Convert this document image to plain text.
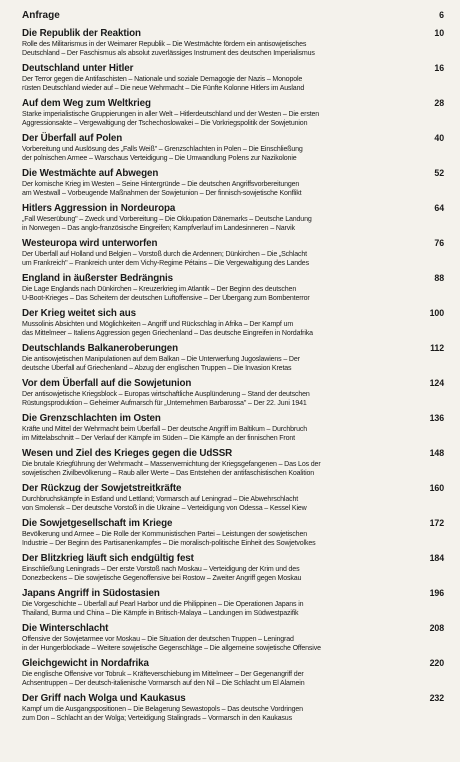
Anfrage	6
Die Republik der Reaktion	10
Rolle des Militarismus in der Weimarer Republik – Die Westmächte fördern ein antisowjetisches
Deutschland – Der Faschismus als absolut zuverlässiges Instrument des deutschen Imperialismus
Deutschland unter Hitler	16
Der Terror gegen die Antifaschisten – Nationale und soziale Demagogie der Nazis – Monopole
rüsten Deutschland wieder auf – Die neue Wehrmacht – Die Fünfte Kolonne Hitlers im Ausland
Auf dem Weg zum Weltkrieg	28
Starke imperialistische Gruppierungen in aller Welt – Hitlerdeutschland und der Westen – Die ersten
Aggressionsakte – Vergewaltigung der Tschechoslowakei – Die Vorkriegspolitik der Sowjetunion
Der Überfall auf Polen	40
Vorbereitung und Auslösung des „Falls Weiß" – Grenzschlachten in Polen – Die Einschließung
der polnischen Armee – Warschaus Verteidigung – Die Umwandlung Polens zur Nazikolonie
Die Westmächte auf Abwegen	52
Der komische Krieg im Westen – Seine Hintergründe – Die deutschen Angriffsvorbereitungen
am Westwall – Vorbeugende Maßnahmen der Sowjetunion – Der finnisch-sowjetische Konflikt
Hitlers Aggression in Nordeuropa	64
„Fall Weserübung" – Zweck und Vorbereitung – Die Okkupation Dänemarks – Deutsche Landung
in Norwegen – Das anglo-französische Eingreifen; Kampfverlauf im Landesinneren – Narvik
Westeuropa wird unterworfen	76
Der Überfall auf Holland und Belgien – Vorstoß durch die Ardennen; Dünkirchen – Die „Schlacht
um Frankreich" – Frankreich unter dem Vichy-Regime Pétains – Die Vergewaltigung des Landes
England in äußerster Bedrängnis	88
Die Lage Englands nach Dünkirchen – Kreuzerkrieg im Atlantik – Der Beginn des deutschen
U-Boot-Krieges – Das Scheitern der deutschen Luftoffensive – Der Übergang zum Bombenterror
Der Krieg weitet sich aus	100
Mussolinis Absichten und Möglichkeiten – Angriff und Rückschlag in Afrika – Der Kampf um
das Mittelmeer – Italiens Aggression gegen Griechenland – Das deutsche Eingreifen in Nordafrika
Deutschlands Balkaneroberungen	112
Die antisowjetischen Manipulationen auf dem Balkan – Die Unterwerfung Jugoslawiens – Der
deutsche Überfall auf Griechenland – Abzug der englischen Truppen – Die Invasion Kretas
Vor dem Überfall auf die Sowjetunion	124
Der antisowjetische Kriegsblock – Europas wirtschaftliche Ausplünderung – Stand der deutschen
Rüstungsproduktion – Geheimer Aufmarsch für „Unternehmen Barbarossa" – Der 22. Juni 1941
Die Grenzschlachten im Osten	136
Kräfte und Mittel der Wehrmacht beim Überfall – Der deutsche Angriff im Baltikum – Durchbruch
im Mittelabschnitt – Der Verlauf der Kämpfe im Süden – Die Kämpfe an der finnischen Front
Wesen und Ziel des Krieges gegen die UdSSR	148
Die brutale Kriegführung der Wehrmacht – Massenvernichtung der Kriegsgefangenen – Das Los der
sowjetischen Zivilbevölkerung – Raub aller Werte – Das Entstehen der antifaschistischen Koalition
Der Rückzug der Sowjetstreitkräfte	160
Durchbruchskämpfe in Estland und Lettland; Vormarsch auf Leningrad – Die Abwehrschlacht
von Smolensk – Der deutsche Vorstoß in die Ukraine – Verteidigung von Odessa – Kessel Kiew
Die Sowjetgesellschaft im Kriege	172
Bevölkerung und Armee – Die Rolle der Kommunistischen Partei – Leistungen der sowjetischen
Industrie – Der Beginn des Partisanenkampfes – Die moralisch-politische Einheit des Sowjetvolkes
Der Blitzkrieg läuft sich endgültig fest	184
Einschließung Leningrads – Der erste Vorstoß nach Moskau – Verteidigung der Krim und des
Donezbeckens – Die sowjetische Gegenoffensive bei Rostow – Zweiter Angriff gegen Moskau
Japans Angriff in Südostasien	196
Die Vorgeschichte – Überfall auf Pearl Harbor und die Philippinen – Die Operationen Japans in
Thailand, Burma und China – Die Kämpfe in Britisch-Malaya – Landungen im Südwestpazifik
Die Winterschlacht	208
Offensive der Sowjetarmee vor Moskau – Die Situation der deutschen Truppen – Leningrad
in der Hungerblockade – Weitere sowjetische Gegenschläge – Die allgemeine sowjetische Offensive
Gleichgewicht in Nordafrika	220
Die englische Offensive vor Tobruk – Kräfteverschiebung im Mittelmeer – Der Gegenangriff der
Achsentruppen – Der deutsch-italienische Vormarsch auf den Nil – Die Schlacht um El Alamein
Der Griff nach Wolga und Kaukasus	232
Kampf um die Ausgangspositionen – Die Belagerung Sewastopols – Das deutsche Vordringen
zum Don – Schlacht an der Wolga; Verteidigung Stalingrads – Vormarsch in den Kaukasus
